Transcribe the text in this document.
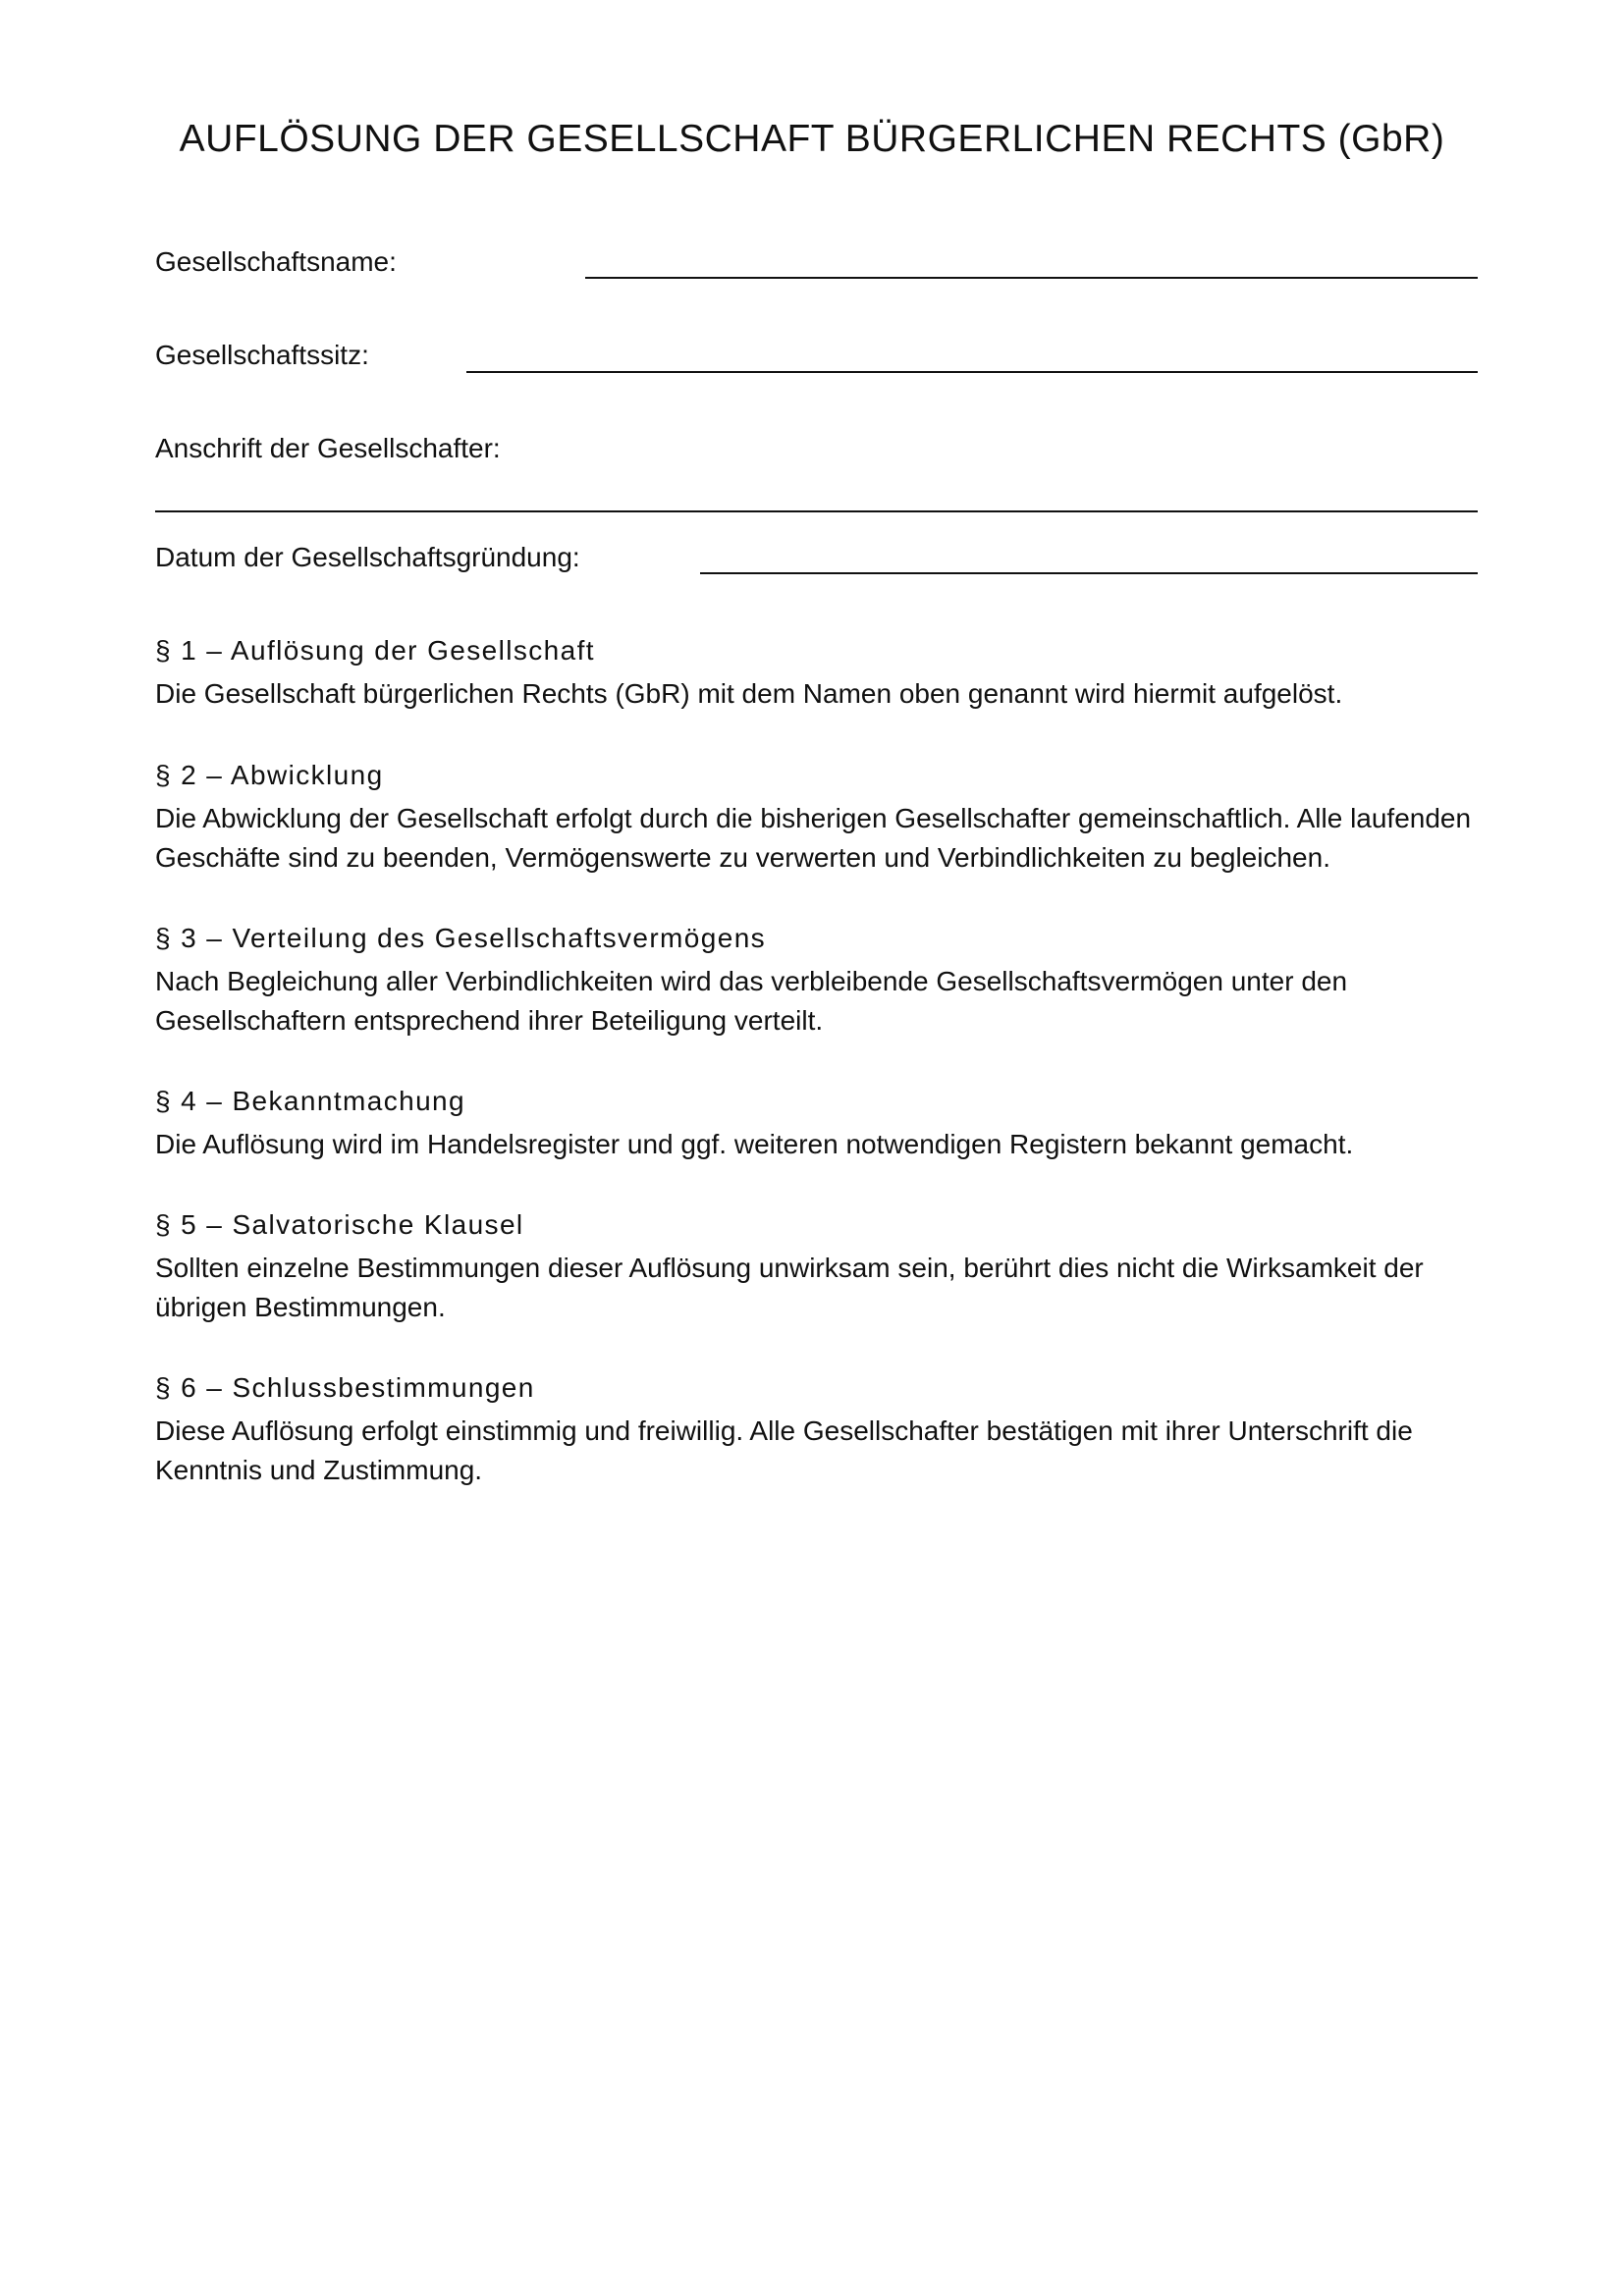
AUFLÖSUNG DER GESELLSCHAFT BÜRGERLICHEN RECHTS (GbR)
Gesellschaftsname:
Gesellschaftssitz:
Anschrift der Gesellschafter:
Datum der Gesellschaftsgründung:

§ 1 – Auflösung der Gesellschaft

Die Gesellschaft bürgerlichen Rechts (GbR) mit dem Namen oben genannt wird hiermit aufgelöst.

§ 2 – Abwicklung

Die Abwicklung der Gesellschaft erfolgt durch die bisherigen Gesellschafter gemeinschaftlich. Alle laufenden Geschäfte sind zu beenden, Vermögenswerte zu verwerten und Verbindlichkeiten zu begleichen.

§ 3 – Verteilung des Gesellschaftsvermögens

Nach Begleichung aller Verbindlichkeiten wird das verbleibende Gesellschaftsvermögen unter den Gesellschaftern entsprechend ihrer Beteiligung verteilt.

§ 4 – Bekanntmachung

Die Auflösung wird im Handelsregister und ggf. weiteren notwendigen Registern bekannt gemacht.

§ 5 – Salvatorische Klausel

Sollten einzelne Bestimmungen dieser Auflösung unwirksam sein, berührt dies nicht die Wirksamkeit der übrigen Bestimmungen.

§ 6 – Schlussbestimmungen

Diese Auflösung erfolgt einstimmig und freiwillig. Alle Gesellschafter bestätigen mit ihrer Unterschrift die Kenntnis und Zustimmung.
